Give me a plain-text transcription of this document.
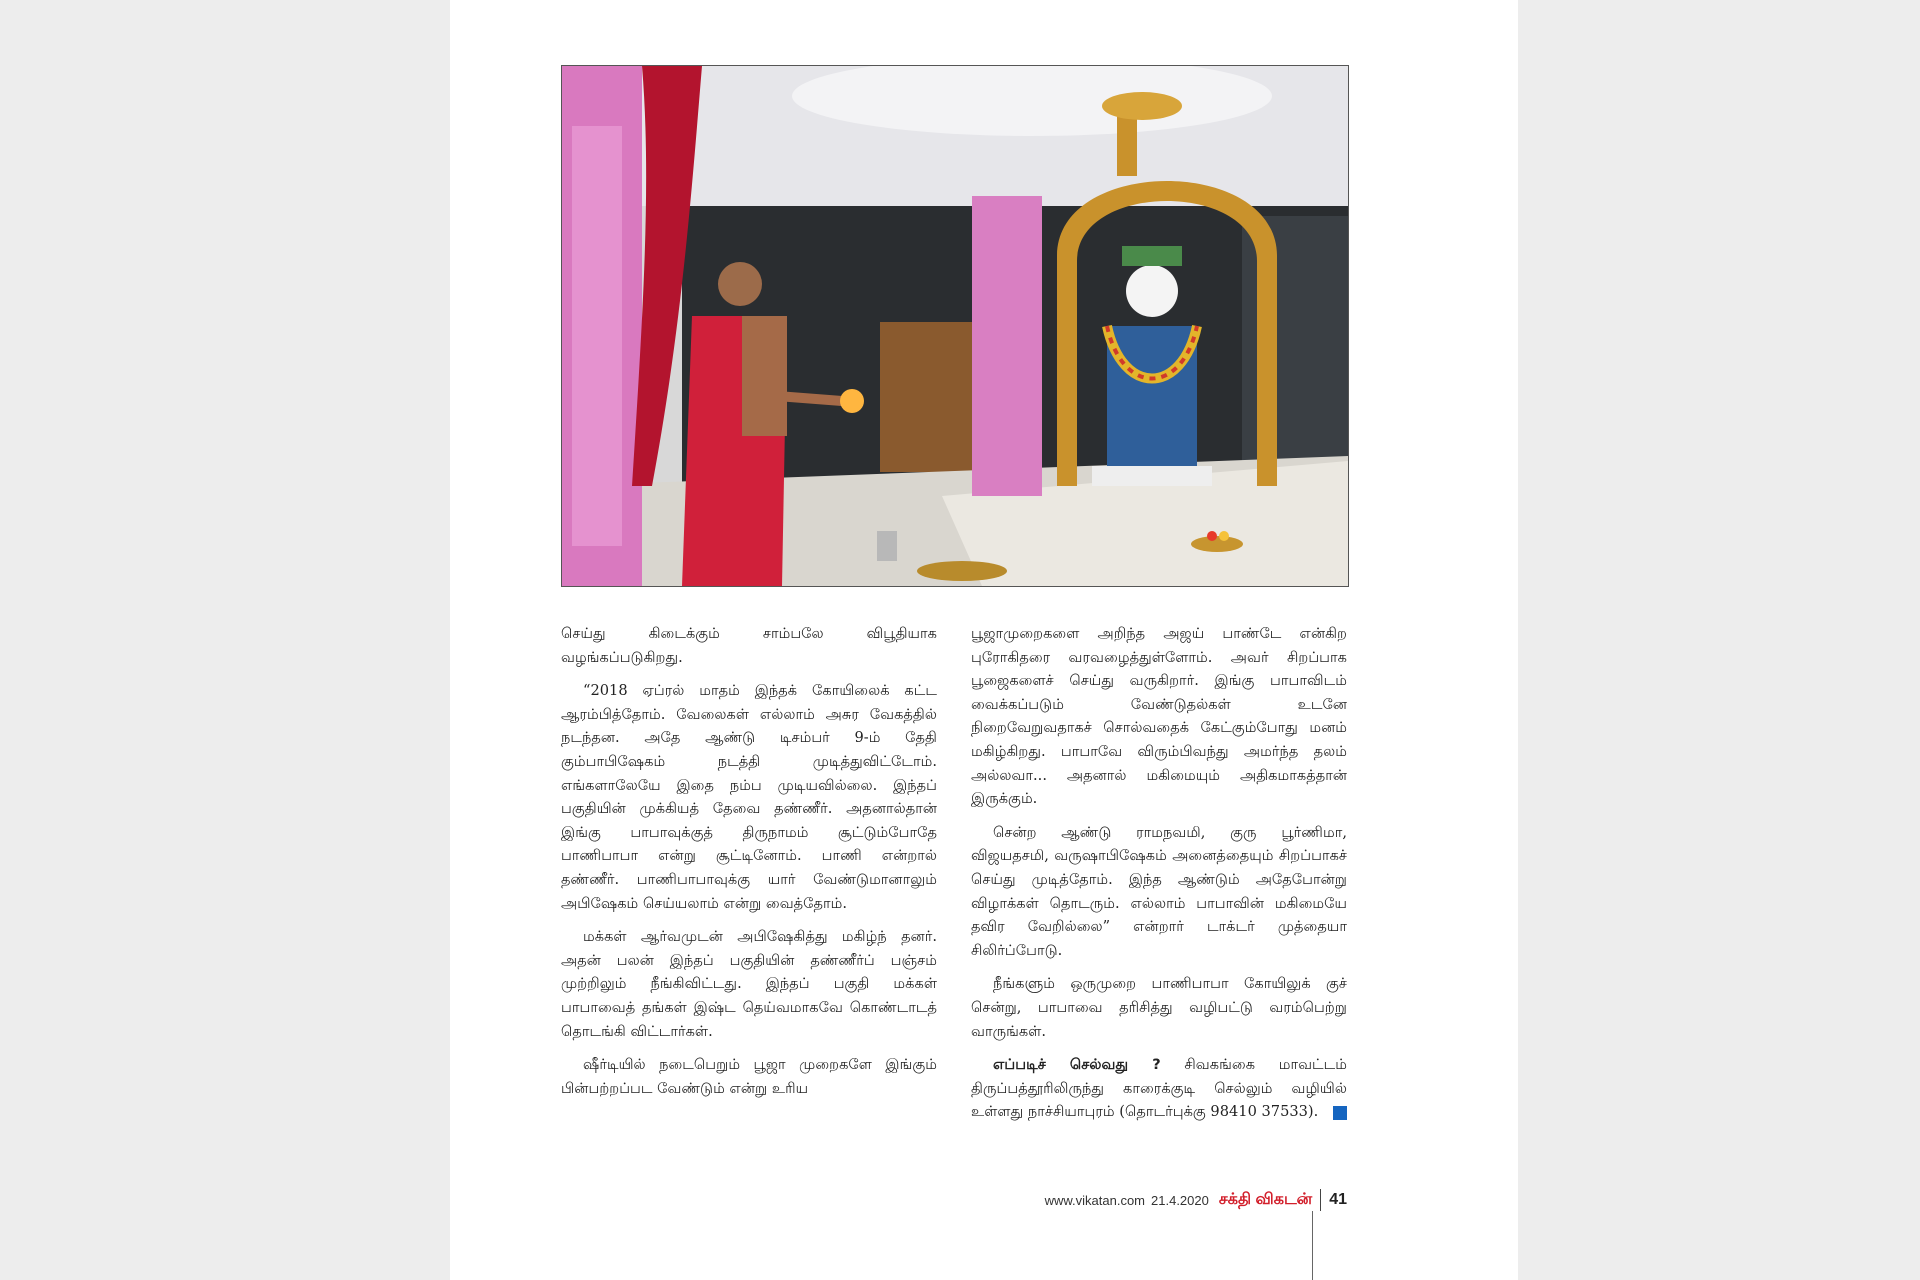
செய்து கிடைக்கும் சாம்பலே விபூதியாக வழங்கப்படுகிறது.

“2018 ஏப்ரல் மாதம் இந்தக் கோயிலைக் கட்ட ஆரம்பித்தோம். வேலைகள் எல்லாம் அசுர வேகத்தில் நடந்தன. அதே ஆண்டு டிசம்பர் 9-ம் தேதி கும்பாபிஷேகம் நடத்தி முடித்துவிட்டோம். எங்களாலேயே இதை நம்ப முடியவில்லை. இந்தப் பகுதியின் முக்கியத் தேவை தண்ணீர். அதனால்தான் இங்கு பாபாவுக்குத் திருநாமம் சூட்டும்போதே பாணிபாபா என்று சூட்டினோம். பாணி என்றால் தண்ணீர். பாணிபாபாவுக்கு யார் வேண்டுமானாலும் அபிஷேகம் செய்யலாம் என்று வைத்தோம்.

மக்கள் ஆர்வமுடன் அபிஷேகித்து மகிழ்ந் தனர். அதன் பலன் இந்தப் பகுதியின் தண்ணீர்ப் பஞ்சம் முற்றிலும் நீங்கிவிட்டது. இந்தப் பகுதி மக்கள் பாபாவைத் தங்கள் இஷ்ட தெய்வமாகவே கொண்டாடத் தொடங்கி விட்டார்கள்.

ஷீர்டியில் நடைபெறும் பூஜா முறைகளே இங்கும் பின்பற்றப்பட வேண்டும் என்று உரிய

பூஜாமுறைகளை அறிந்த அஜய் பாண்டே என்கிற புரோகிதரை வரவழைத்துள்ளோம். அவர் சிறப்பாக பூஜைகளைச் செய்து வருகிறார். இங்கு பாபாவிடம் வைக்கப்படும் வேண்டுதல்கள் உடனே நிறைவேறுவதாகச் சொல்வதைக் கேட்கும்போது மனம் மகிழ்கிறது. பாபாவே விரும்பிவந்து அமர்ந்த தலம் அல்லவா... அதனால் மகிமையும் அதிகமாகத்தான் இருக்கும்.

சென்ற ஆண்டு ராமநவமி, குரு பூர்ணிமா, விஜயதசமி, வருஷாபிஷேகம் அனைத்தையும் சிறப்பாகச் செய்து முடித்தோம். இந்த ஆண்டும் அதேபோன்று விழாக்கள் தொடரும். எல்லாம் பாபாவின் மகிமையே தவிர வேறில்லை” என்றார் டாக்டர் முத்தையா சிலிர்ப்போடு.

நீங்களும் ஒருமுறை பாணிபாபா கோயிலுக் குச் சென்று, பாபாவை தரிசித்து வழிபட்டு வரம்பெற்று வாருங்கள்.

எப்படிச் செல்வது ? சிவகங்கை மாவட்டம் திருப்பத்தூரிலிருந்து காரைக்குடி செல்லும் வழியில் உள்ளது நாச்சியாபுரம் (தொடர்புக்கு 98410 37533).

www.vikatan.com 21.4.2020 சக்தி விகடன் 41
